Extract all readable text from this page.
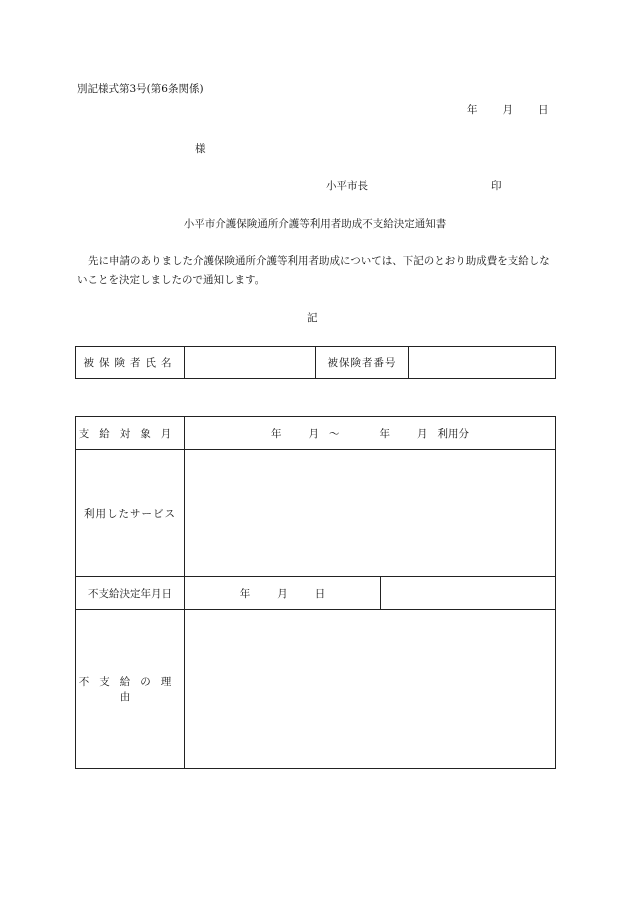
別記様式第3号(第6条関係)
年 月 日
様
小平市長	印
小平市介護保険通所介護等利用者助成不支給決定通知書
先に申請のありました介護保険通所介護等利用者助成については、下記のとおり助成費を支給しないことを決定しましたので通知します。
記
被保険者氏名		被保険者番号	
支給対象月	年 月 〜 年 月 利用分	
利用したサービス		
不支給決定年月日	年 月 日	
不支給の理由		
